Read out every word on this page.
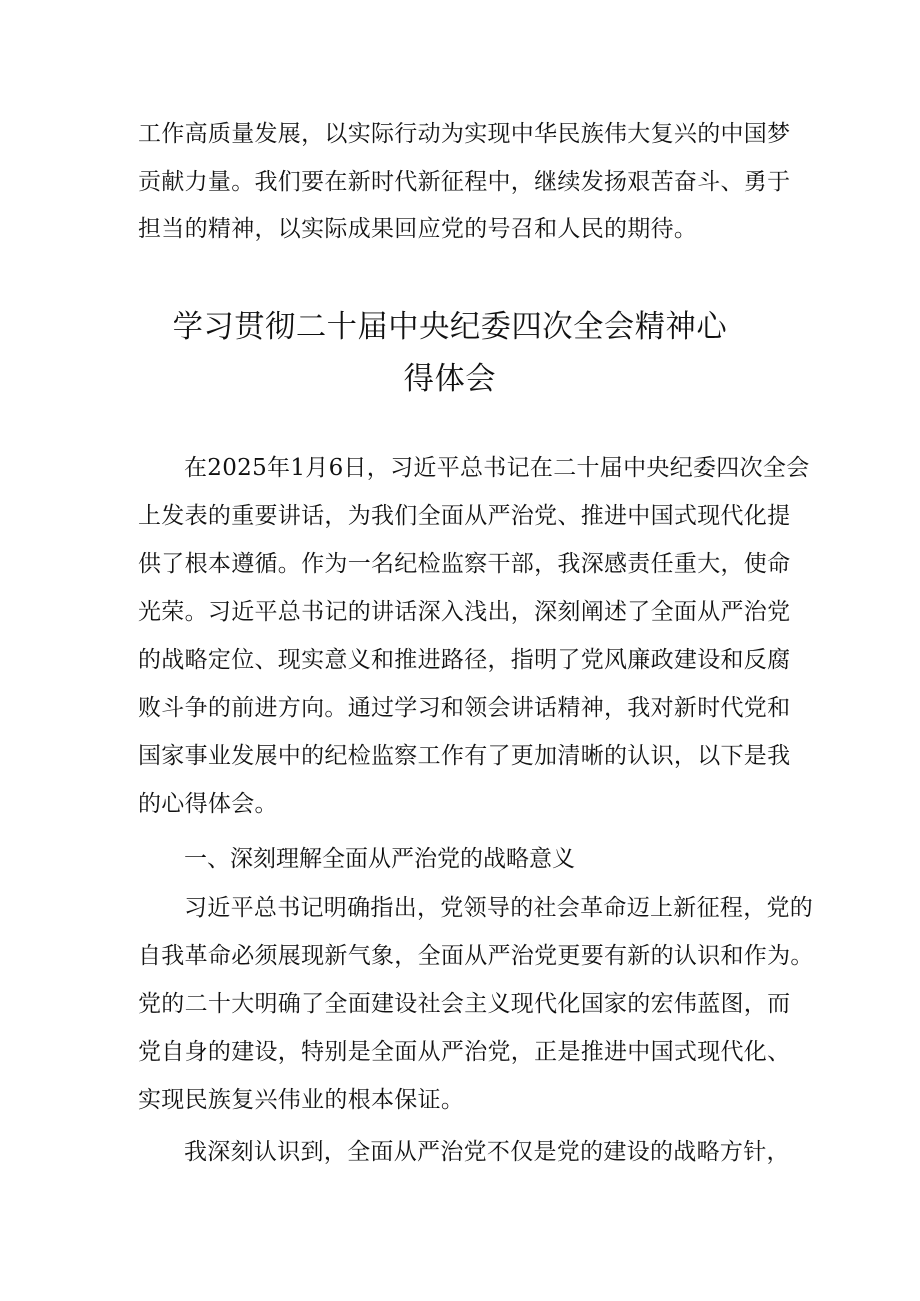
工作高质量发展，以实际行动为实现中华民族伟大复兴的中国梦
贡献力量。我们要在新时代新征程中，继续发扬艰苦奋斗、勇于
担当的精神，以实际成果回应党的号召和人民的期待。
学习贯彻二十届中央纪委四次全会精神心
得体会
在2025年1月6日，习近平总书记在二十届中央纪委四次全会
上发表的重要讲话，为我们全面从严治党、推进中国式现代化提
供了根本遵循。作为一名纪检监察干部，我深感责任重大，使命
光荣。习近平总书记的讲话深入浅出，深刻阐述了全面从严治党
的战略定位、现实意义和推进路径，指明了党风廉政建设和反腐
败斗争的前进方向。通过学习和领会讲话精神，我对新时代党和
国家事业发展中的纪检监察工作有了更加清晰的认识，以下是我
的心得体会。
一、深刻理解全面从严治党的战略意义
习近平总书记明确指出，党领导的社会革命迈上新征程，党的
自我革命必须展现新气象，全面从严治党更要有新的认识和作为。
党的二十大明确了全面建设社会主义现代化国家的宏伟蓝图，而
党自身的建设，特别是全面从严治党，正是推进中国式现代化、
实现民族复兴伟业的根本保证。
我深刻认识到，全面从严治党不仅是党的建设的战略方针，
